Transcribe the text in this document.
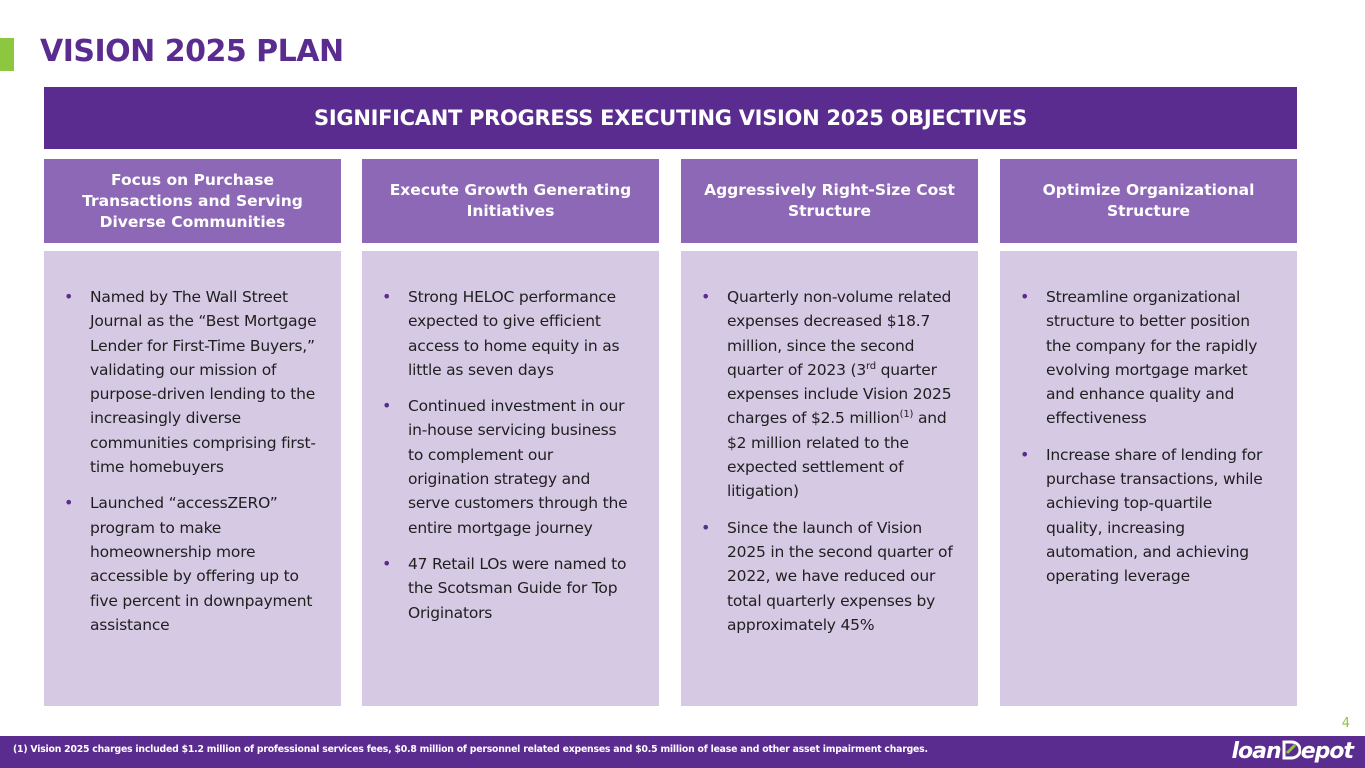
VISION 2025 PLAN
SIGNIFICANT PROGRESS EXECUTING VISION 2025 OBJECTIVES
Focus on Purchase Transactions and Serving Diverse Communities
• Named by The Wall Street Journal as the “Best Mortgage Lender for First-Time Buyers,” validating our mission of purpose-driven lending to the increasingly diverse communities comprising first-time homebuyers
• Launched “accessZERO” program to make homeownership more accessible by offering up to five percent in downpayment assistance
Execute Growth Generating Initiatives
• Strong HELOC performance expected to give efficient access to home equity in as little as seven days
• Continued investment in our in-house servicing business to complement our origination strategy and serve customers through the entire mortgage journey
• 47 Retail LOs were named to the Scotsman Guide for Top Originators
Aggressively Right-Size Cost Structure
• Quarterly non-volume related expenses decreased $18.7 million, since the second quarter of 2023 (3rd quarter expenses include Vision 2025 charges of $2.5 million$^{(1)}$ and $2 million related to the expected settlement of litigation)
• Since the launch of Vision 2025 in the second quarter of 2022, we have reduced our total quarterly expenses by approximately 45%
Optimize Organizational Structure
• Streamline organizational structure to better position the company for the rapidly evolving mortgage market and enhance quality and effectiveness
• Increase share of lending for purchase transactions, while achieving top-quartile quality, increasing automation, and achieving operating leverage
4
(1) Vision 2025 charges included $1.2 million of professional services fees, $0.8 million of personnel related expenses and $0.5 million of lease and other asset impairment charges.	loan epot
